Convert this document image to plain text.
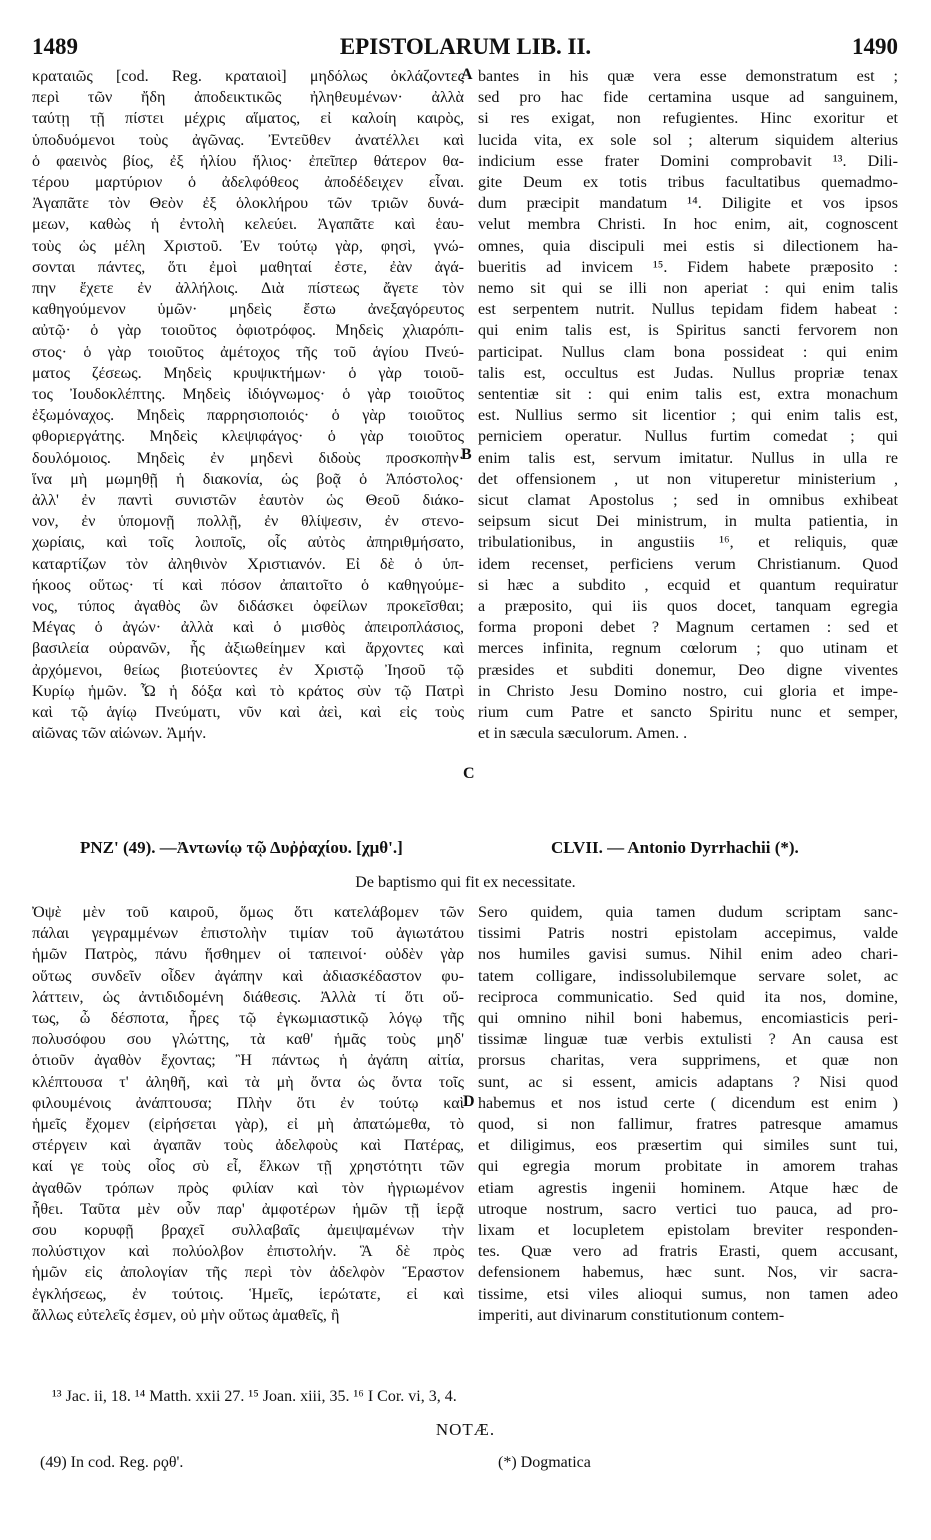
1489	EPISTOLARUM LIB. II.	1490
κραταιῶς [cod. Reg. κραταιοὶ] μηδόλως ὀκλάζοντες
περὶ τῶν ἤδη ἀποδεικτικῶς ἠληθευμένων· ἀλλὰ
ταύτῃ τῇ πίστει μέχρις αἵματος, εἰ καλοίη καιρὸς,
ὑποδυόμενοι τοὺς ἀγῶνας. Ἐντεῦθεν ἀνατέλλει καὶ
ὁ φαεινὸς βίος, ἐξ ἡλίου ἥλιος· ἐπεῖπερ θάτερον θα-
τέρου μαρτύριον ὁ ἀδελφόθεος ἀποδέδειχεν εἶναι.
Ἀγαπᾶτε τὸν Θεὸν ἐξ ὁλοκλήρου τῶν τριῶν δυνά-
μεων, καθὼς ἡ ἐντολὴ κελεύει. Ἀγαπᾶτε καὶ ἑαυ-
τοὺς ὡς μέλη Χριστοῦ. Ἐν τούτῳ γὰρ, φησὶ, γνώ-
σονται πάντες, ὅτι ἐμοὶ μαθηταί ἐστε, ἐὰν ἀγά-
πην ἔχετε ἐν ἀλλήλοις. Διὰ πίστεως ἄγετε τὸν
καθηγούμενον ὑμῶν· μηδεὶς ἔστω ἀνεξαγόρευτος
αὐτῷ· ὁ γὰρ τοιοῦτος ὀφιοτρόφος. Μηδεὶς χλιαρόπι-
στος· ὁ γὰρ τοιοῦτος ἀμέτοχος τῆς τοῦ ἁγίου Πνεύ-
ματος ζέσεως. Μηδεὶς κρυψικτήμων· ὁ γὰρ τοιοῦ-
τος Ἰουδοκλέπτης. Μηδεὶς ἰδιόγνωμος· ὁ γὰρ τοιοῦτος
ἐξωμόναχος. Μηδεὶς παρρησιοποιός· ὁ γὰρ τοιοῦτος
φθοριεργάτης. Μηδεὶς κλεψιφάγος· ὁ γὰρ τοιοῦτος
δουλόμοιος. Μηδεὶς ἐν μηδενὶ διδοὺς προσκοπὴν·
ἵνα μὴ μωμηθῇ ἡ διακονία, ὡς βοᾷ ὁ Ἀπόστολος·
ἀλλ' ἐν παντὶ συνιστῶν ἑαυτὸν ὡς Θεοῦ διάκο-
νον, ἐν ὑπομονῇ πολλῇ, ἐν θλίψεσιν, ἐν στενο-
χωρίαις, καὶ τοῖς λοιποῖς, οἷς αὐτὸς ἀπηριθμήσατο,
καταρτίζων τὸν ἀληθινὸν Χριστιανόν. Εἰ δὲ ὁ ὑπ-
ήκοος οὕτως· τί καὶ πόσον ἀπαιτοῖτο ὁ καθηγούμε-
νος, τύπος ἀγαθὸς ὢν διδάσκει ὀφείλων προκεῖσθαι;
Μέγας ὁ ἀγών· ἀλλὰ καὶ ὁ μισθὸς ἀπειροπλάσιος,
βασιλεία οὐρανῶν, ἧς ἀξιωθείημεν καὶ ἄρχοντες καὶ
ἀρχόμενοι, θείως βιοτεύοντες ἐν Χριστῷ Ἰησοῦ τῷ
Κυρίῳ ἡμῶν. Ὧ ἡ δόξα καὶ τὸ κράτος σὺν τῷ Πατρὶ
καὶ τῷ ἁγίῳ Πνεύματι, νῦν καὶ ἀεὶ, καὶ εἰς τοὺς
αἰῶνας τῶν αἰώνων. Ἀμήν.
bantes in his quæ vera esse demonstratum est ;
sed pro hac fide certamina usque ad sanguinem,
si res exigat, non refugientes. Hinc exoritur et
lucida vita, ex sole sol ; alterum siquidem alterius
indicium esse frater Domini comprobavit ¹³. Dili-
gite Deum ex totis tribus facultatibus quemadmo-
dum præcipit mandatum ¹⁴. Diligite et vos ipsos
velut membra Christi. In hoc enim, ait, cognoscent
omnes, quia discipuli mei estis si dilectionem ha-
bueritis ad invicem ¹⁵. Fidem habete præposito :
nemo sit qui se illi non aperiat : qui enim talis
est serpentem nutrit. Nullus tepidam fidem habeat :
qui enim talis est, is Spiritus sancti fervorem non
participat. Nullus clam bona possideat : qui enim
talis est, occultus est Judas. Nullus propriæ tenax
sententiæ sit : qui enim talis est, extra monachum
est. Nullius sermo sit licentior ; qui enim talis est,
perniciem operatur. Nullus furtim comedat ; qui
enim talis est, servum imitatur. Nullus in ulla re
det offensionem , ut non vituperetur ministerium ,
sicut clamat Apostolus ; sed in omnibus exhibeat
seipsum sicut Dei ministrum, in multa patientia, in
tribulationibus, in angustiis ¹⁶, et reliquis, quæ
idem recenset, perficiens verum Christianum. Quod
si hæc a subdito , ecquid et quantum requiratur
a præposito, qui iis quos docet, tanquam egregia
forma proponi debet ? Magnum certamen : sed et
merces infinita, regnum cœlorum ; quo utinam et
præsides et subditi donemur, Deo digne viventes
in Christo Jesu Domino nostro, cui gloria et impe-
rium cum Patre et sancto Spiritu nunc et semper,
et in sæcula sæculorum. Amen. .
A
B
C
D
PNZ' (49). —Ἀντωνίῳ τῷ Δυῤῥαχίου. [χμθ'.]	CLVII. — Antonio Dyrrhachii (*).
De baptismo qui fit ex necessitate.
Ὀψὲ μὲν τοῦ καιροῦ, ὅμως ὅτι κατελάβομεν τῶν
πάλαι γεγραμμένων ἐπιστολὴν τιμίαν τοῦ ἀγιωτάτου
ἡμῶν Πατρὸς, πάνυ ἥσθημεν οἱ ταπεινοί· οὐδὲν γὰρ
οὕτως συνδεῖν οἶδεν ἀγάπην καὶ ἀδιασκέδαστον φυ-
λάττειν, ὡς ἀντιδιδομένη διάθεσις. Ἀλλὰ τί ὅτι οὕ-
τως, ὦ δέσποτα, ἦρες τῷ ἐγκωμιαστικῷ λόγῳ τῆς
πολυσόφου σου γλώττης, τὰ καθ' ἡμᾶς τοὺς μηδ'
ὁτιοῦν ἀγαθὸν ἔχοντας; Ἢ πάντως ἡ ἀγάπη αἰτία,
κλέπτουσα τ' ἀληθῆ, καὶ τὰ μὴ ὄντα ὡς ὄντα τοῖς
φιλουμένοις ἀνάπτουσα; Πλὴν ὅτι ἐν τούτῳ καὶ
ἡμεῖς ἔχομεν (εἰρήσεται γὰρ), εἰ μὴ ἀπατώμεθα, τὸ
στέργειν καὶ ἀγαπᾶν τοὺς ἀδελφοὺς καὶ Πατέρας,
καί γε τοὺς οἷος σὺ εἶ, ἕλκων τῇ χρηστότητι τῶν
ἀγαθῶν τρόπων πρὸς φιλίαν καὶ τὸν ἠγριωμένον
ἦθει. Ταῦτα μὲν οὖν παρ' ἀμφοτέρων ἡμῶν τῇ ἱερᾷ
σου κορυφῇ βραχεῖ συλλαβαῖς ἀμειψαμένων τὴν
πολύστιχον καὶ πολύολβον ἐπιστολήν. Ἃ δὲ πρὸς
ἡμῶν εἰς ἀπολογίαν τῆς περὶ τὸν ἀδελφὸν Ἔραστον
ἐγκλήσεως, ἐν τούτοις. Ἡμεῖς, ἱερώτατε, εἰ καὶ
ἄλλως εὐτελεῖς ἐσμεν, οὐ μὴν οὕτως ἀμαθεῖς, ἢ
Sero quidem, quia tamen dudum scriptam sanc-
tissimi Patris nostri epistolam accepimus, valde
nos humiles gavisi sumus. Nihil enim adeo chari-
tatem colligare, indissolubilemque servare solet, ac
reciproca communicatio. Sed quid ita nos, domine,
qui omnino nihil boni habemus, encomiasticis peri-
tissimæ linguæ tuæ verbis extulisti ? An causa est
prorsus charitas, vera supprimens, et quæ non
sunt, ac si essent, amicis adaptans ? Nisi quod
habemus et nos istud certe ( dicendum est enim )
quod, si non fallimur, fratres patresque amamus
et diligimus, eos præsertim qui similes sunt tui,
qui egregia morum probitate in amorem trahas
etiam agrestis ingenii hominem. Atque hæc de
utroque nostrum, sacro vertici tuo pauca, ad pro-
lixam et locupletem epistolam breviter responden-
tes. Quæ vero ad fratris Erasti, quem accusant,
defensionem habemus, hæc sunt. Nos, vir sacra-
tissime, etsi viles alioqui sumus, non tamen adeo
imperiti, aut divinarum constitutionum contem-
¹³ Jac. ii, 18. ¹⁴ Matth. xxii 27. ¹⁵ Joan. xiii, 35. ¹⁶ I Cor. vi, 3, 4.
NOTÆ.
(49) In cod. Reg. ρϙθ'.	(*) Dogmatica
